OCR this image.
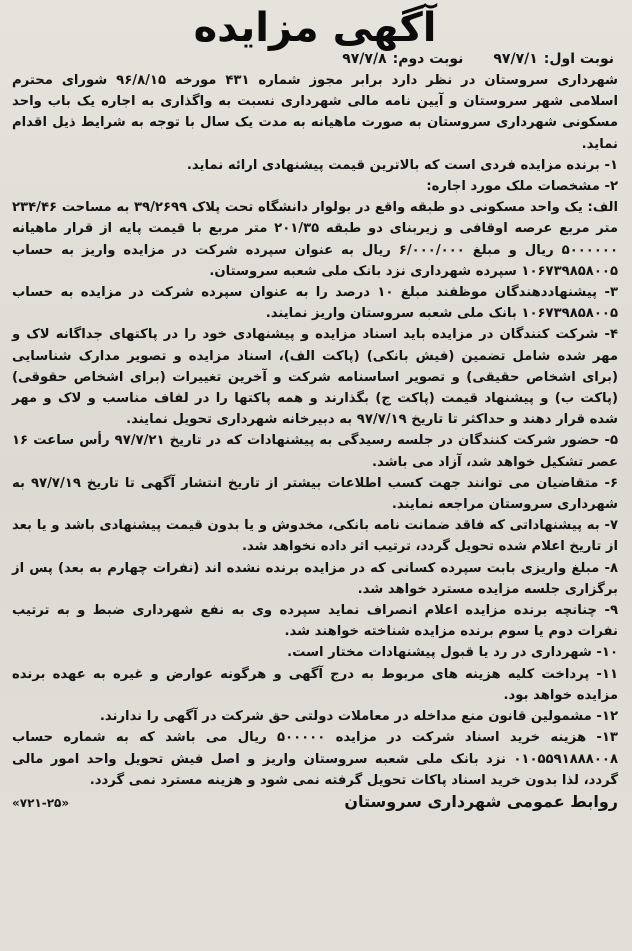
آگهی مزایده
نوبت اول:
۹۷/۷/۱
نوبت دوم:
۹۷/۷/۸

شهرداری سروستان در نظر دارد برابر مجوز شماره ۴۳۱ مورخه ۹۶/۸/۱۵ شورای محترم اسلامی شهر سروستان و آیین نامه مالی شهرداری نسبت به واگذاری به اجاره یک باب واحد مسکونی شهرداری سروستان به صورت ماهیانه به مدت یک سال با توجه به شرایط ذیل اقدام نماید.

۱- برنده مزایده فردی است که بالاترین قیمت پیشنهادی ارائه نماید.

۲- مشخصات ملک مورد اجاره:

الف: یک واحد مسکونی دو طبقه واقع در بولوار دانشگاه تحت پلاک ۳۹/۲۶۹۹ به مساحت ۲۳۴/۴۶ متر مربع عرصه اوقافی و زیربنای دو طبقه ۲۰۱/۳۵ متر مربع با قیمت پایه از قرار ماهیانه ۵۰۰۰۰۰۰ ریال و مبلغ ۶/۰۰۰/۰۰۰ ریال به عنوان سپرده شرکت در مزایده واریز به حساب ۱۰۶۷۳۹۸۵۸۰۰۵ سپرده شهرداری نزد بانک ملی شعبه سروستان.

۳- پیشنهاددهندگان موظفند مبلغ ۱۰ درصد را به عنوان سپرده شرکت در مزایده به حساب ۱۰۶۷۳۹۸۵۸۰۰۵ بانک ملی شعبه سروستان واریز نمایند.

۴- شرکت کنندگان در مزایده باید اسناد مزایده و پیشنهادی خود را در پاکتهای جداگانه لاک و مهر شده شامل تضمین (فیش بانکی) (پاکت الف)، اسناد مزایده و تصویر مدارک شناسایی (برای اشخاص حقیقی) و تصویر اساسنامه شرکت و آخرین تغییرات (برای اشخاص حقوقی) (پاکت ب) و پیشنهاد قیمت (پاکت ج) بگذارند و همه پاکتها را در لفاف مناسب و لاک و مهر شده قرار دهند و حداکثر تا تاریخ ۹۷/۷/۱۹ به دبیرخانه شهرداری تحویل نمایند.

۵- حضور شرکت کنندگان در جلسه رسیدگی به پیشنهادات که در تاریخ ۹۷/۷/۲۱ رأس ساعت ۱۶ عصر تشکیل خواهد شد، آزاد می باشد.

۶- متقاضیان می توانند جهت کسب اطلاعات بیشتر از تاریخ انتشار آگهی تا تاریخ ۹۷/۷/۱۹ به شهرداری سروستان مراجعه نمایند.

۷- به پیشنهاداتی که فاقد ضمانت نامه بانکی، مخدوش و یا بدون قیمت پیشنهادی باشد و یا بعد از تاریخ اعلام شده تحویل گردد، ترتیب اثر داده نخواهد شد.

۸- مبلغ واریزی بابت سپرده کسانی که در مزایده برنده نشده اند (نفرات چهارم به بعد) پس از برگزاری جلسه مزایده مسترد خواهد شد.

۹- چنانچه برنده مزایده اعلام انصراف نماید سپرده وی به نفع شهرداری ضبط و به ترتیب نفرات دوم یا سوم برنده مزایده شناخته خواهند شد.

۱۰- شهرداری در رد یا قبول پیشنهادات مختار است.

۱۱- پرداخت کلیه هزینه های مربوط به درج آگهی و هرگونه عوارض و غیره به عهده برنده مزایده خواهد بود.

۱۲- مشمولین قانون منع مداخله در معاملات دولتی حق شرکت در آگهی را ندارند.

۱۳- هزینه خرید اسناد شرکت در مزایده ۵۰۰۰۰۰ ریال می باشد که به شماره حساب ۰۱۰۵۵۹۱۸۸۸۰۰۸ نزد بانک ملی شعبه سروستان واریز و اصل فیش تحویل واحد امور مالی گردد، لذا بدون خرید اسناد پاکات تحویل گرفته نمی شود و هزینه مسترد نمی گردد.

روابط عمومی شهرداری سروستان
«۷۲۱-۲۵»
